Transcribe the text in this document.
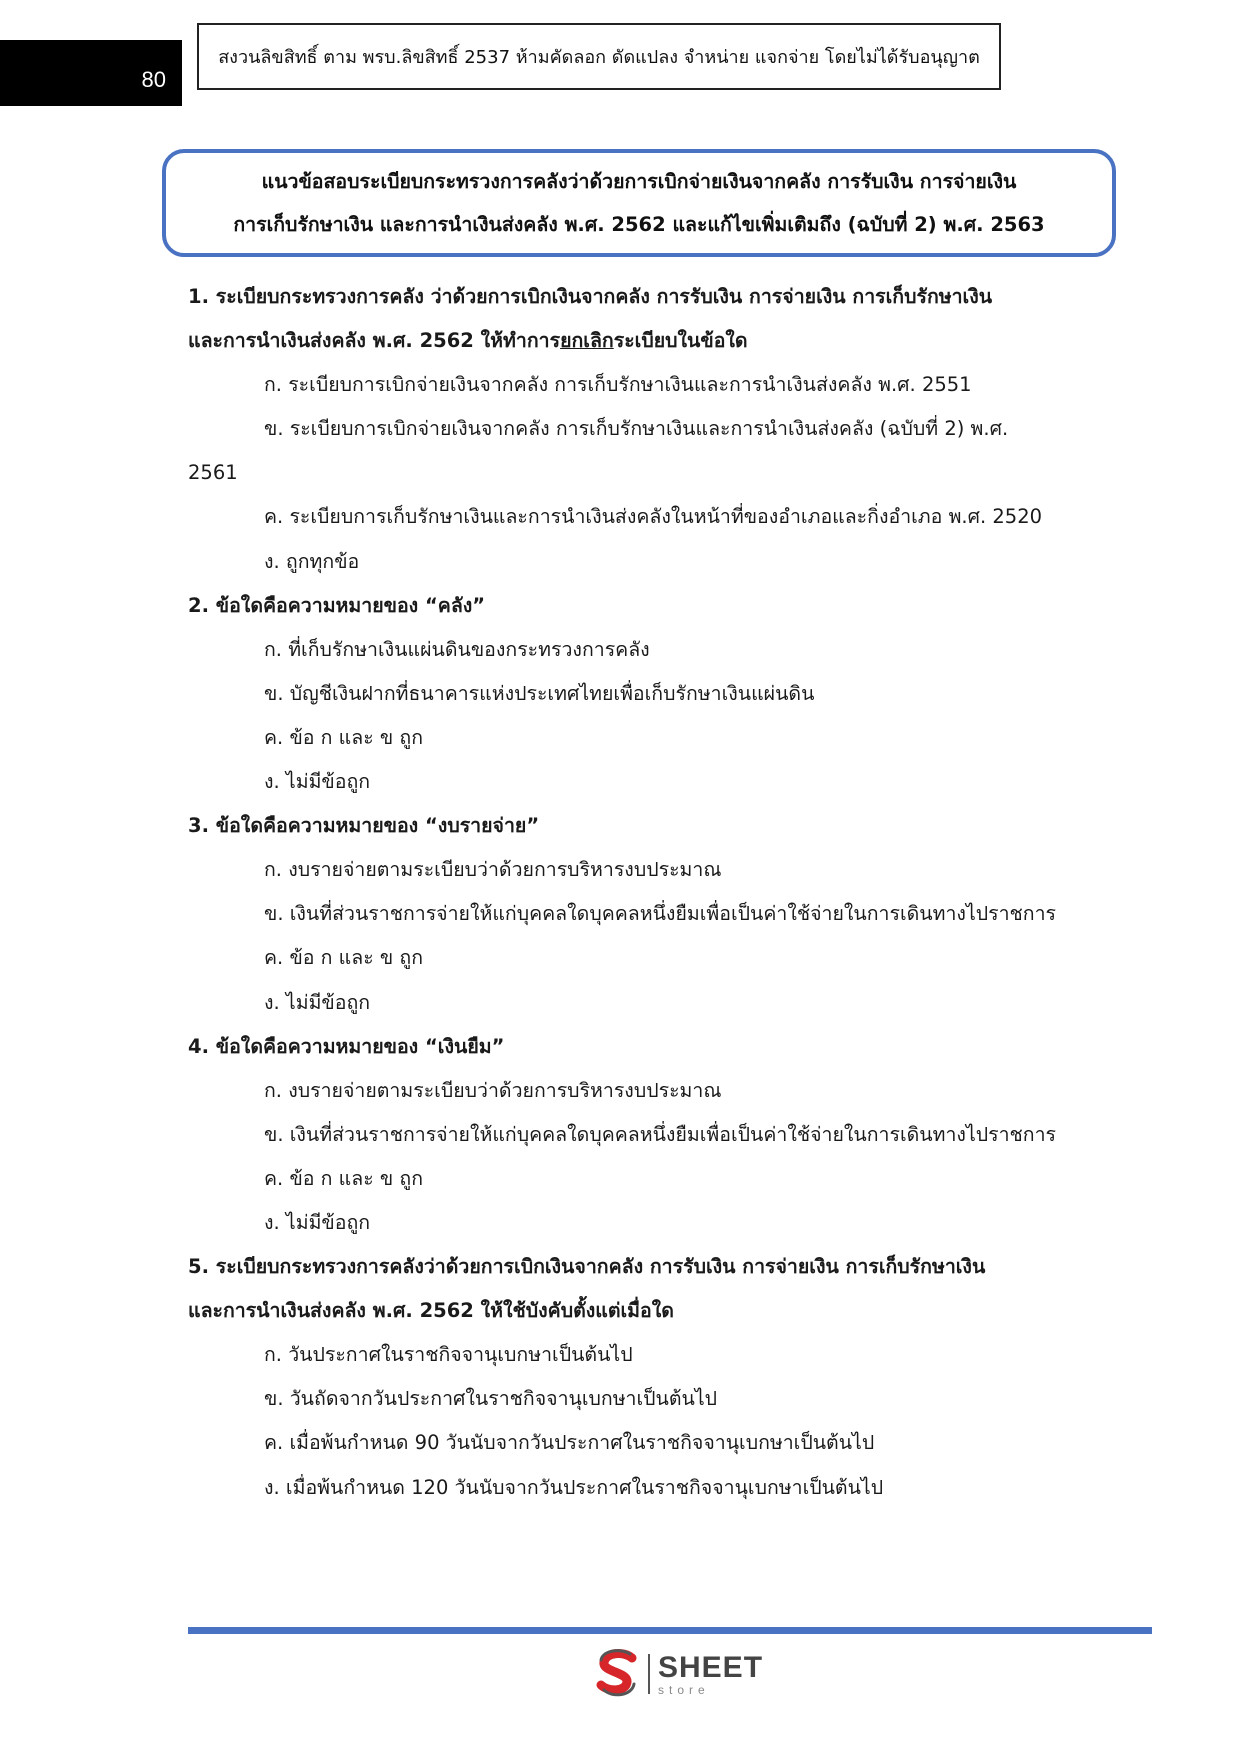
80
สงวนลิขสิทธิ์ ตาม พรบ.ลิขสิทธิ์ 2537 ห้ามคัดลอก ดัดแปลง จำหน่าย แจกจ่าย โดยไม่ได้รับอนุญาต
แนวข้อสอบระเบียบกระทรวงการคลังว่าด้วยการเบิกจ่ายเงินจากคลัง การรับเงิน การจ่ายเงิน
การเก็บรักษาเงิน และการนำเงินส่งคลัง พ.ศ. 2562 และแก้ไขเพิ่มเติมถึง (ฉบับที่ 2) พ.ศ. 2563
1. ระเบียบกระทรวงการคลัง ว่าด้วยการเบิกเงินจากคลัง การรับเงิน การจ่ายเงิน การเก็บรักษาเงิน
และการนำเงินส่งคลัง พ.ศ. 2562 ให้ทำการยกเลิกระเบียบในข้อใด
ก. ระเบียบการเบิกจ่ายเงินจากคลัง การเก็บรักษาเงินและการนำเงินส่งคลัง พ.ศ. 2551
ข. ระเบียบการเบิกจ่ายเงินจากคลัง การเก็บรักษาเงินและการนำเงินส่งคลัง (ฉบับที่ 2) พ.ศ.
2561
ค. ระเบียบการเก็บรักษาเงินและการนำเงินส่งคลังในหน้าที่ของอำเภอและกิ่งอำเภอ พ.ศ. 2520
ง. ถูกทุกข้อ
2. ข้อใดคือความหมายของ “คลัง”
ก. ที่เก็บรักษาเงินแผ่นดินของกระทรวงการคลัง
ข. บัญชีเงินฝากที่ธนาคารแห่งประเทศไทยเพื่อเก็บรักษาเงินแผ่นดิน
ค. ข้อ ก และ ข ถูก
ง. ไม่มีข้อถูก
3. ข้อใดคือความหมายของ “งบรายจ่าย”
ก. งบรายจ่ายตามระเบียบว่าด้วยการบริหารงบประมาณ
ข. เงินที่ส่วนราชการจ่ายให้แก่บุคคลใดบุคคลหนึ่งยืมเพื่อเป็นค่าใช้จ่ายในการเดินทางไปราชการ
ค. ข้อ ก และ ข ถูก
ง. ไม่มีข้อถูก
4. ข้อใดคือความหมายของ “เงินยืม”
ก. งบรายจ่ายตามระเบียบว่าด้วยการบริหารงบประมาณ
ข. เงินที่ส่วนราชการจ่ายให้แก่บุคคลใดบุคคลหนึ่งยืมเพื่อเป็นค่าใช้จ่ายในการเดินทางไปราชการ
ค. ข้อ ก และ ข ถูก
ง. ไม่มีข้อถูก
5. ระเบียบกระทรวงการคลังว่าด้วยการเบิกเงินจากคลัง การรับเงิน การจ่ายเงิน การเก็บรักษาเงิน
และการนำเงินส่งคลัง พ.ศ. 2562 ให้ใช้บังคับตั้งแต่เมื่อใด
ก. วันประกาศในราชกิจจานุเบกษาเป็นต้นไป
ข. วันถัดจากวันประกาศในราชกิจจานุเบกษาเป็นต้นไป
ค. เมื่อพ้นกำหนด 90 วันนับจากวันประกาศในราชกิจจานุเบกษาเป็นต้นไป
ง. เมื่อพ้นกำหนด 120 วันนับจากวันประกาศในราชกิจจานุเบกษาเป็นต้นไป
SHEET
store
